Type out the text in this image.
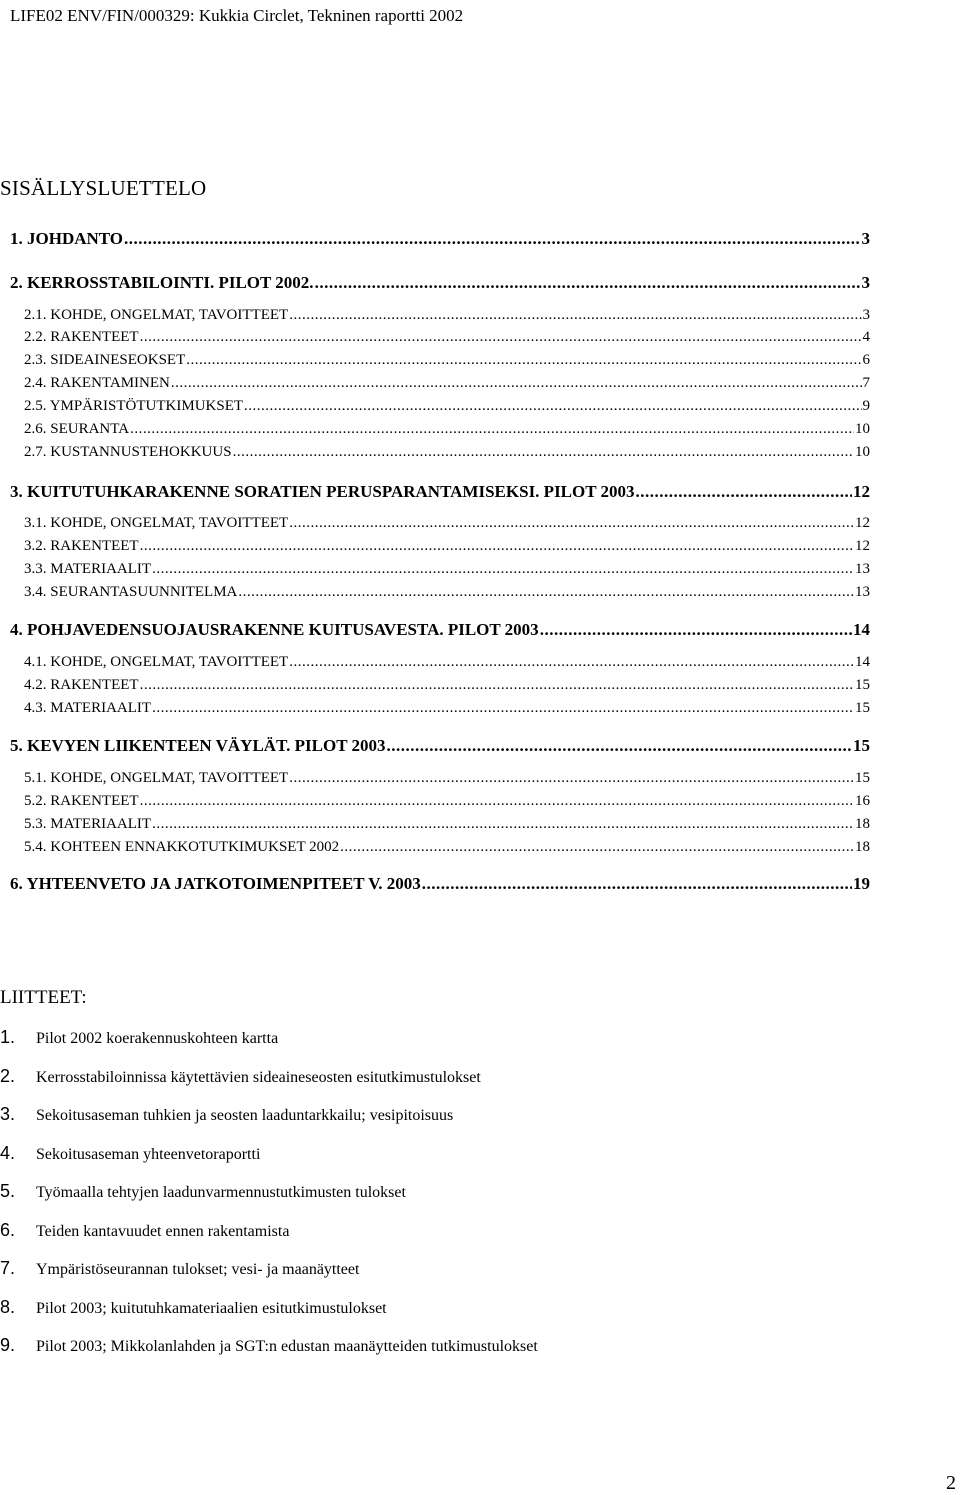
LIFE02 ENV/FIN/000329: Kukkia Circlet, Tekninen raportti 2002
SISÄLLYSLUETTELO
1. JOHDANTO .....	3
2. KERROSSTABILOINTI. PILOT 2002. .....	3
2.1. KOHDE, ONGELMAT, TAVOITTEET .....	3
2.2. RAKENTEET .....	4
2.3. SIDEAINESEOKSET .....	6
2.4. RAKENTAMINEN .....	7
2.5. YMPÄRISTÖTUTKIMUKSET .....	9
2.6. SEURANTA .....	10
2.7. KUSTANNUSTEHOKKUUS .....	10
3. KUITUTUHKARAKENNE SORATIEN PERUSPARANTAMISEKSI. PILOT 2003 .....	12
3.1. KOHDE, ONGELMAT, TAVOITTEET .....	12
3.2. RAKENTEET .....	12
3.3. MATERIAALIT .....	13
3.4. SEURANTASUUNNITELMA .....	13
4. POHJAVEDENSUOJAUSRAKENNE KUITUSAVESTA. PILOT 2003 .....	14
4.1. KOHDE, ONGELMAT, TAVOITTEET .....	14
4.2. RAKENTEET .....	15
4.3. MATERIAALIT .....	15
5. KEVYEN LIIKENTEEN VÄYLÄT. PILOT 2003 .....	15
5.1. KOHDE, ONGELMAT, TAVOITTEET .....	15
5.2. RAKENTEET .....	16
5.3. MATERIAALIT .....	18
5.4. KOHTEEN ENNAKKOTUTKIMUKSET 2002 .....	18
6. YHTEENVETO JA JATKOTOIMENPITEET V. 2003 .....	19
LIITTEET:
1. Pilot 2002 koerakennuskohteen kartta
2. Kerrosstabiloinnissa käytettävien sideaineseosten esitutkimustulokset
3. Sekoitusaseman tuhkien ja seosten laaduntarkkailu; vesipitoisuus
4. Sekoitusaseman yhteenvetoraportti
5. Työmaalla tehtyjen laadunvarmennustutkimusten tulokset
6. Teiden kantavuudet ennen rakentamista
7. Ympäristöseurannan tulokset; vesi- ja maanäytteet
8. Pilot 2003; kuitutuhkamateriaalien esitutkimustulokset
9. Pilot 2003; Mikkolanlahden ja SGT:n edustan maanäytteiden tutkimustulokset
2
